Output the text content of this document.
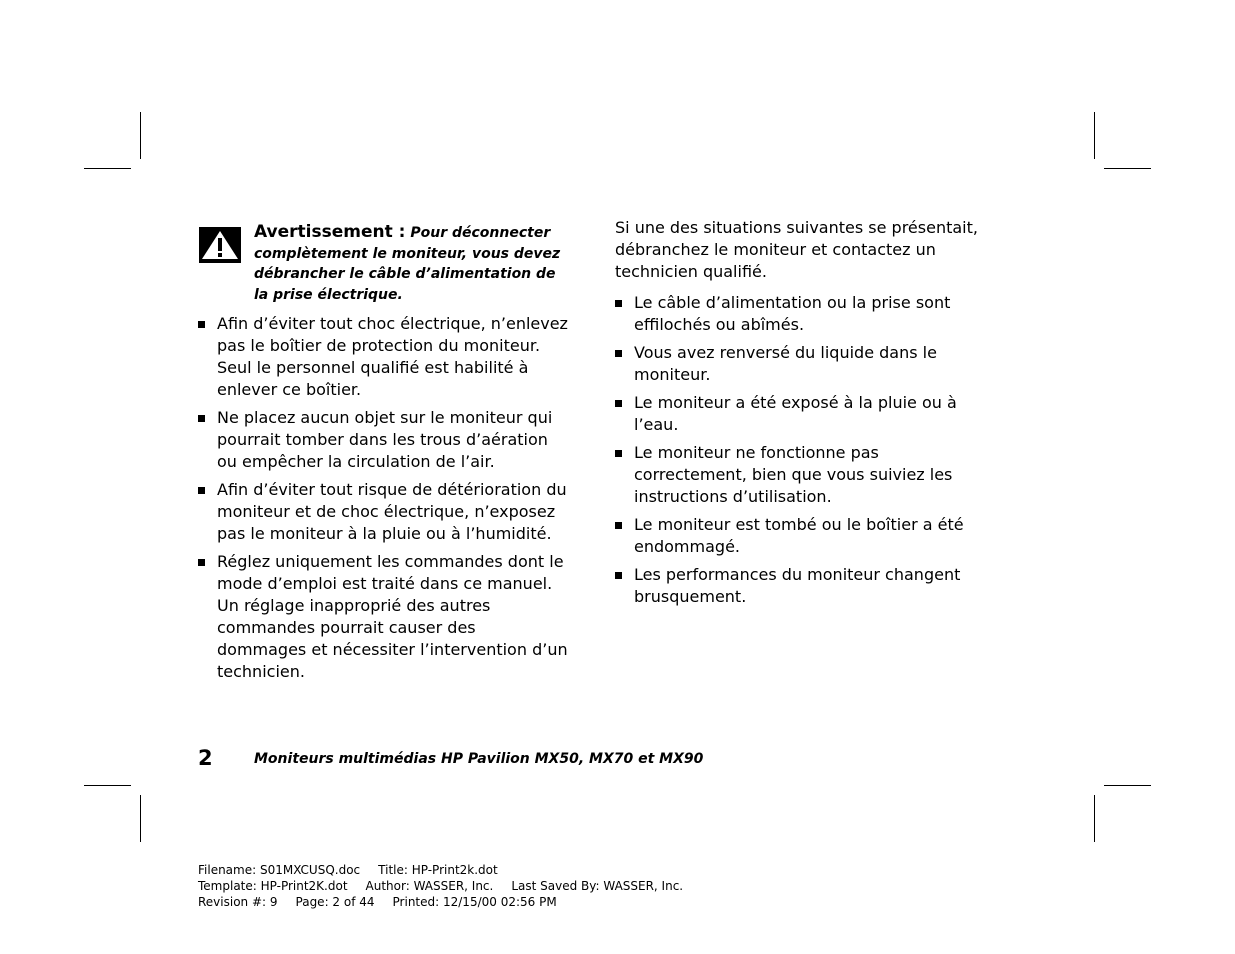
Avertissement : Pour déconnecter complètement le moniteur, vous devez débrancher le câble d’alimentation de la prise électrique.
Afin d’éviter tout choc électrique, n’enlevez pas le boîtier de protection du moniteur. Seul le personnel qualifié est habilité à enlever ce boîtier.
Ne placez aucun objet sur le moniteur qui pourrait tomber dans les trous d’aération ou empêcher la circulation de l’air.
Afin d’éviter tout risque de détérioration du moniteur et de choc électrique, n’exposez pas le moniteur à la pluie ou à l’humidité.
Réglez uniquement les commandes dont le mode d’emploi est traité dans ce manuel. Un réglage inapproprié des autres commandes pourrait causer des dommages et nécessiter l’intervention d’un technicien.

Si une des situations suivantes se présentait, débranchez le moniteur et contactez un technicien qualifié.

Le câble d’alimentation ou la prise sont effilochés ou abîmés.
Vous avez renversé du liquide dans le moniteur.
Le moniteur a été exposé à la pluie ou à l’eau.
Le moniteur ne fonctionne pas correctement, bien que vous suiviez les instructions d’utilisation.
Le moniteur est tombé ou le boîtier a été endommagé.
Les performances du moniteur changent brusquement.
2	Moniteurs multimédias HP Pavilion MX50, MX70 et MX90
Filename: S01MXCUSQ.doc Title: HP-Print2k.dot
Template: HP-Print2K.dot Author: WASSER, Inc. Last Saved By: WASSER, Inc.
Revision #: 9 Page: 2 of 44 Printed: 12/15/00 02:56 PM
